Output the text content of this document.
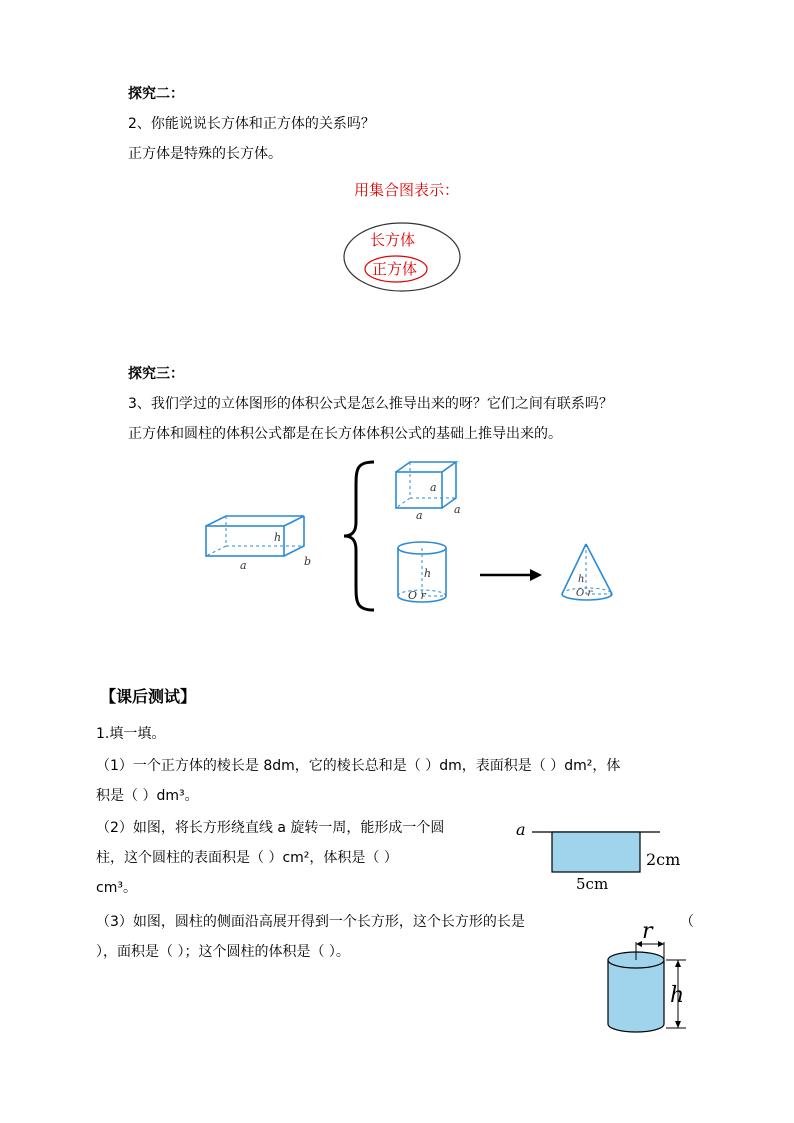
探究二：
2、你能说说长方体和正方体的关系吗？
正方体是特殊的长方体。
用集合图表示：
长方体
正方体
探究三：
3、我们学过的立体图形的体积公式是怎么推导出来的呀？它们之间有联系吗？
正方体和圆柱的体积公式都是在长方体体积公式的基础上推导出来的。
h
a	b
a
a	a
h
O r
h
O r
【课后测试】
1.填一填。
（1）一个正方体的棱长是 8dm，它的棱长总和是（ ）dm，表面积是（ ）dm²，体
积是（ ）dm³。
（2）如图，将长方形绕直线 a 旋转一周，能形成一个圆
柱，这个圆柱的表面积是（ ）cm²，体积是（ ）
cm³。
a
2cm
5cm
（3）如图，圆柱的侧面沿高展开得到一个长方形，这个长方形的长是	（
），面积是（ ）；这个圆柱的体积是（ ）。
r
h
